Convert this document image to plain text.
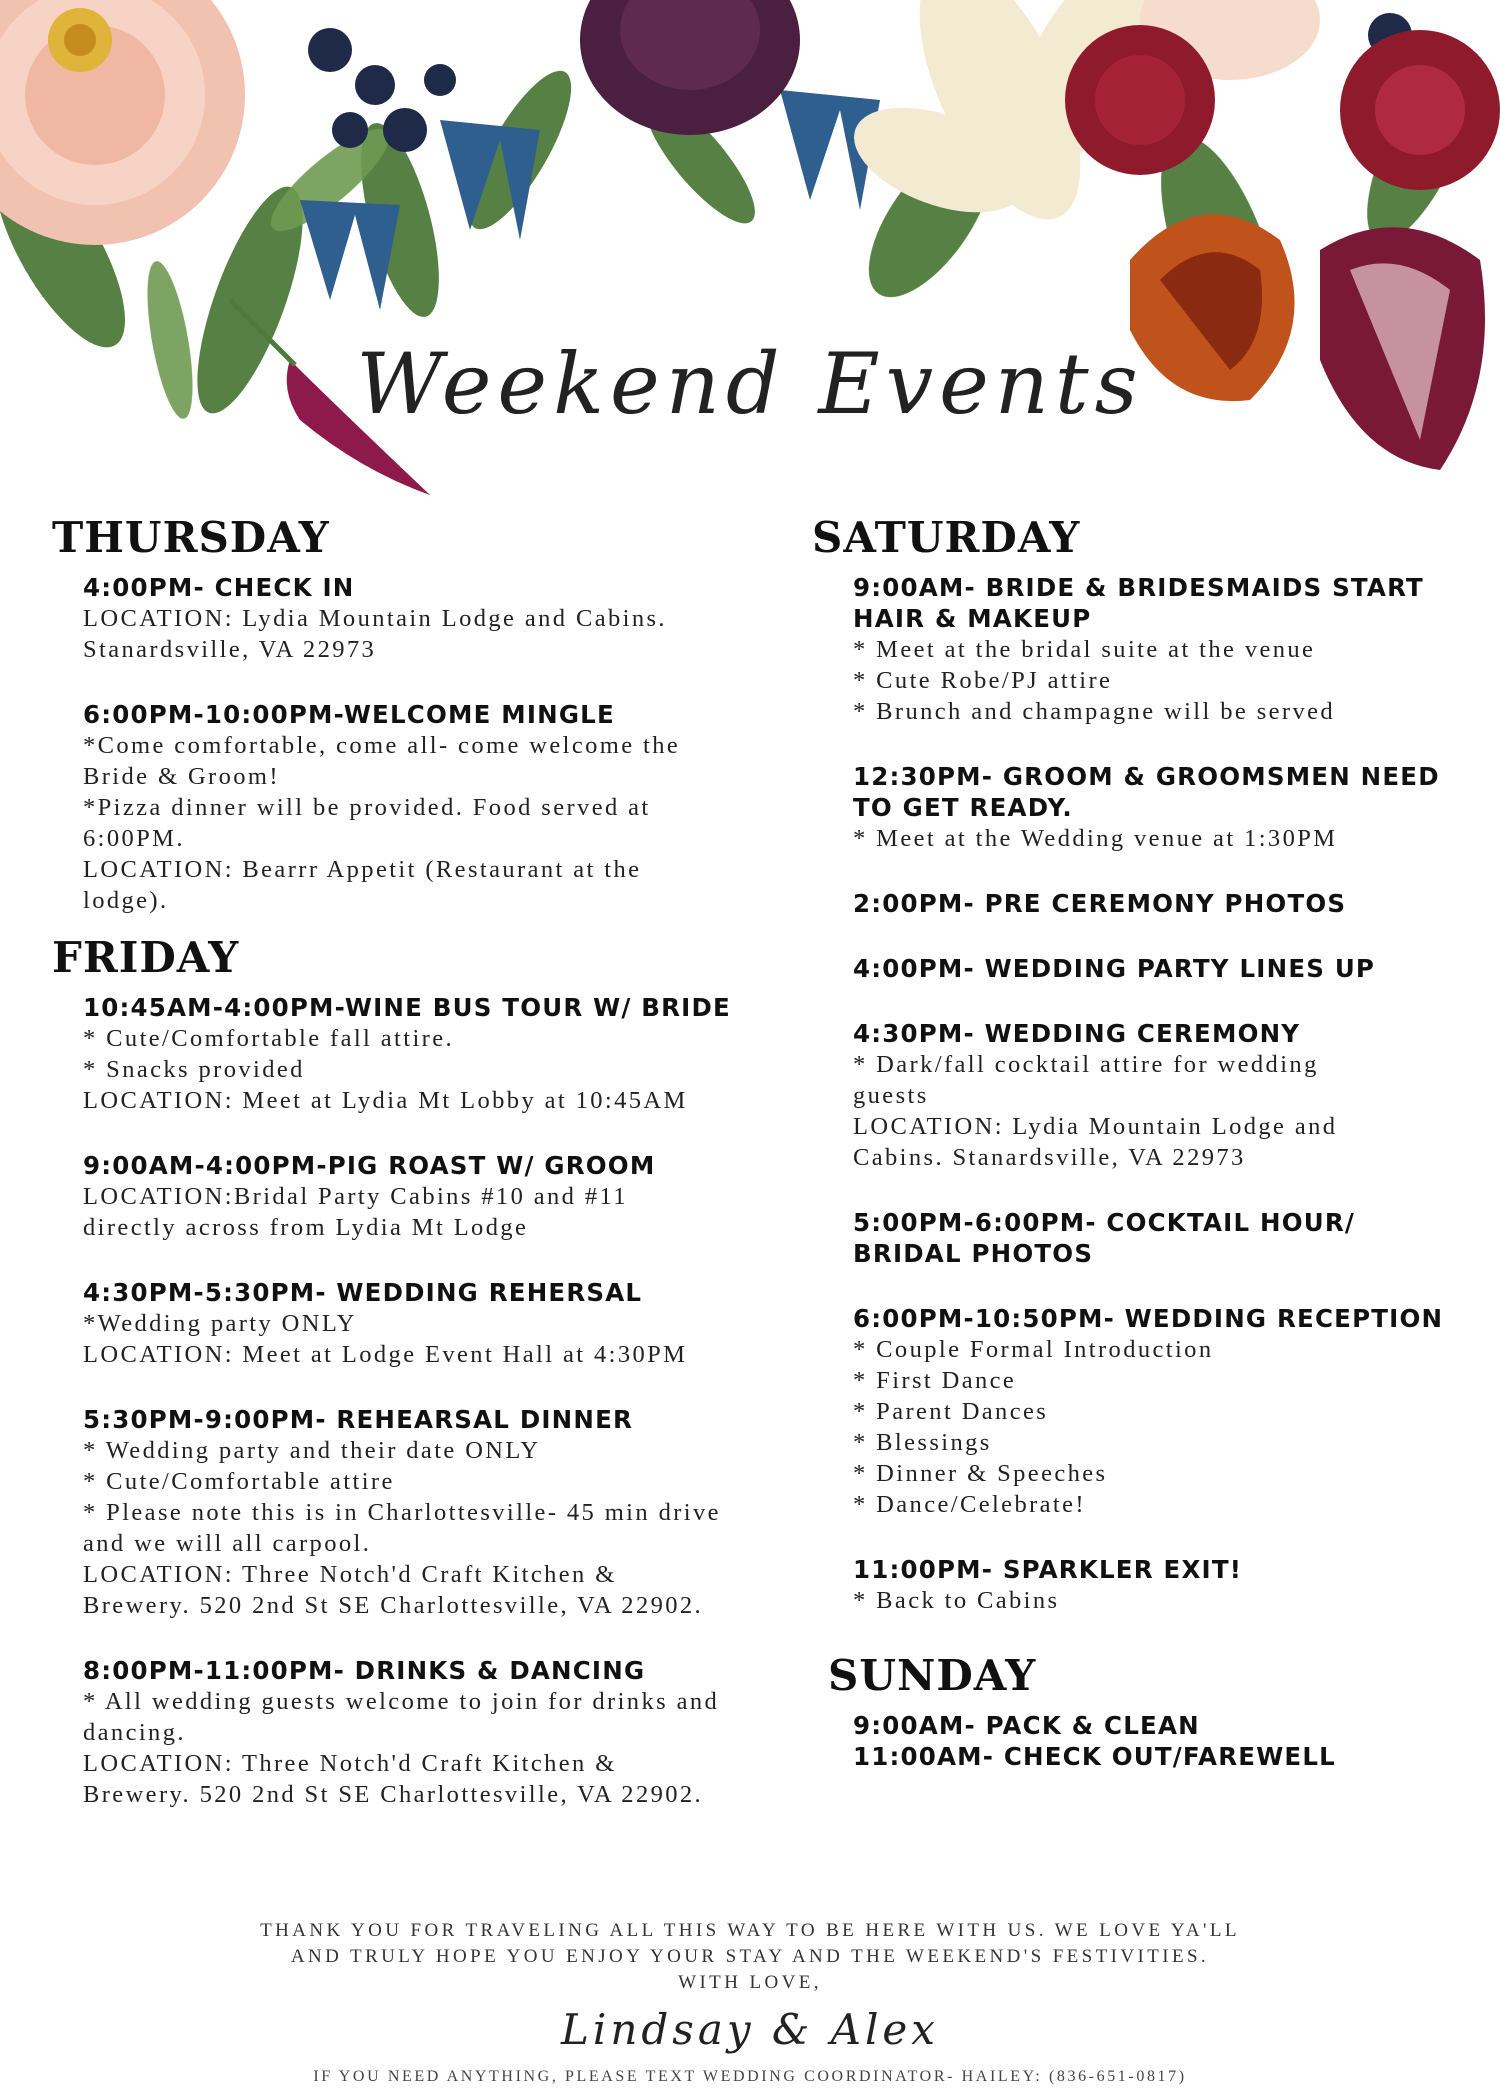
Weekend Events
THURSDAY
4:00PM- CHECK IN
LOCATION: Lydia Mountain Lodge and Cabins.
Stanardsville, VA 22973
6:00PM-10:00PM-WELCOME MINGLE
*Come comfortable, come all- come welcome the
Bride & Groom!
*Pizza dinner will be provided. Food served at
6:00PM.
LOCATION: Bearrr Appetit (Restaurant at the
lodge).
FRIDAY
10:45AM-4:00PM-WINE BUS TOUR W/ BRIDE
* Cute/Comfortable fall attire.
* Snacks provided
LOCATION: Meet at Lydia Mt Lobby at 10:45AM
9:00AM-4:00PM-PIG ROAST W/ GROOM
LOCATION:Bridal Party Cabins #10 and #11
directly across from Lydia Mt Lodge
4:30PM-5:30PM- WEDDING REHERSAL
*Wedding party ONLY
LOCATION: Meet at Lodge Event Hall at 4:30PM
5:30PM-9:00PM- REHEARSAL DINNER
* Wedding party and their date ONLY
* Cute/Comfortable attire
* Please note this is in Charlottesville- 45 min drive
and we will all carpool.
LOCATION: Three Notch'd Craft Kitchen &
Brewery. 520 2nd St SE Charlottesville, VA 22902.
8:00PM-11:00PM- DRINKS & DANCING
* All wedding guests welcome to join for drinks and
dancing.
LOCATION: Three Notch'd Craft Kitchen &
Brewery. 520 2nd St SE Charlottesville, VA 22902.
SATURDAY
9:00AM- BRIDE & BRIDESMAIDS START HAIR & MAKEUP
* Meet at the bridal suite at the venue
* Cute Robe/PJ attire
* Brunch and champagne will be served
12:30PM- GROOM & GROOMSMEN NEED TO GET READY.
* Meet at the Wedding venue at 1:30PM
2:00PM- PRE CEREMONY PHOTOS
4:00PM- WEDDING PARTY LINES UP
4:30PM- WEDDING CEREMONY
* Dark/fall cocktail attire for wedding
guests
LOCATION: Lydia Mountain Lodge and
Cabins. Stanardsville, VA 22973
5:00PM-6:00PM- COCKTAIL HOUR/ BRIDAL PHOTOS
6:00PM-10:50PM- WEDDING RECEPTION
* Couple Formal Introduction
* First Dance
* Parent Dances
* Blessings
* Dinner & Speeches
* Dance/Celebrate!
11:00PM- SPARKLER EXIT!
* Back to Cabins
SUNDAY
9:00AM- PACK & CLEAN
11:00AM- CHECK OUT/FAREWELL
THANK YOU FOR TRAVELING ALL THIS WAY TO BE HERE WITH US. WE LOVE YA'LL
AND TRULY HOPE YOU ENJOY YOUR STAY AND THE WEEKEND'S FESTIVITIES.
WITH LOVE,
Lindsay & Alex
IF YOU NEED ANYTHING, PLEASE TEXT WEDDING COORDINATOR- HAILEY: (836-651-0817)
